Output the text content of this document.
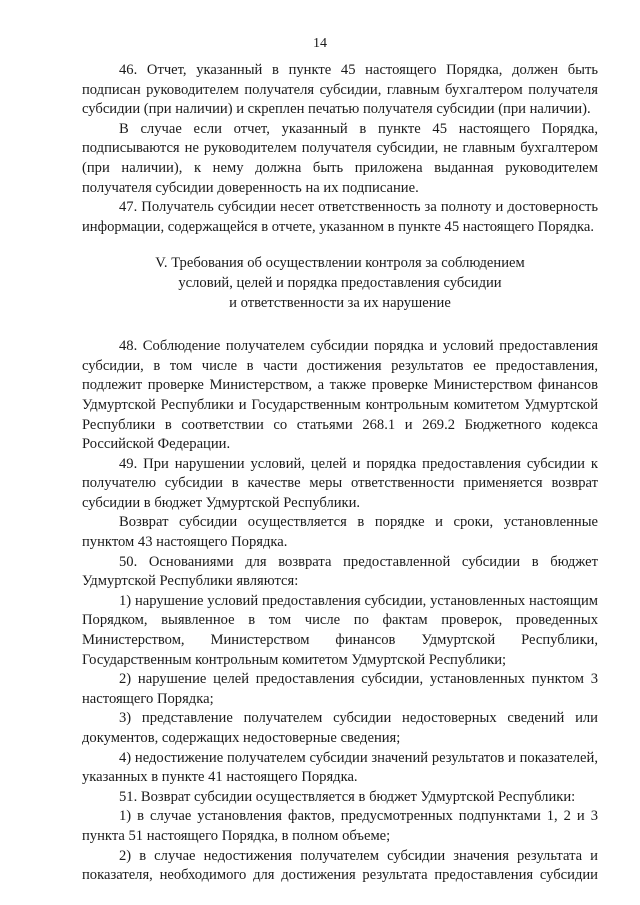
14

46. Отчет, указанный в пункте 45 настоящего Порядка, должен быть подписан руководителем получателя субсидии, главным бухгалтером получателя субсидии (при наличии) и скреплен печатью получателя субсидии (при наличии).

В случае если отчет, указанный в пункте 45 настоящего Порядка, подписываются не руководителем получателя субсидии, не главным бухгалтером (при наличии), к нему должна быть приложена выданная руководителем получателя субсидии доверенность на их подписание.

47. Получатель субсидии несет ответственность за полноту и достоверность информации, содержащейся в отчете, указанном в пункте 45 настоящего Порядка.

V. Требования об осуществлении контроля за соблюдением
условий, целей и порядка предоставления субсидии
и ответственности за их нарушение

48. Соблюдение получателем субсидии порядка и условий предоставления субсидии, в том числе в части достижения результатов ее предоставления, подлежит проверке Министерством, а также проверке Министерством финансов Удмуртской Республики и Государственным контрольным комитетом Удмуртской Республики в соответствии со статьями 268.1 и 269.2 Бюджетного кодекса Российской Федерации.

49. При нарушении условий, целей и порядка предоставления субсидии к получателю субсидии в качестве меры ответственности применяется возврат субсидии в бюджет Удмуртской Республики.

Возврат субсидии осуществляется в порядке и сроки, установленные пунктом 43 настоящего Порядка.

50. Основаниями для возврата предоставленной субсидии в бюджет Удмуртской Республики являются:

1) нарушение условий предоставления субсидии, установленных настоящим Порядком, выявленное в том числе по фактам проверок, проведенных Министерством, Министерством финансов Удмуртской Республики, Государственным контрольным комитетом Удмуртской Республики;

2) нарушение целей предоставления субсидии, установленных пунктом 3 настоящего Порядка;

3) представление получателем субсидии недостоверных сведений или документов, содержащих недостоверные сведения;

4) недостижение получателем субсидии значений результатов и показателей, указанных в пункте 41 настоящего Порядка.

51. Возврат субсидии осуществляется в бюджет Удмуртской Республики:

1) в случае установления фактов, предусмотренных подпунктами 1, 2 и 3 пункта 51 настоящего Порядка, в полном объеме;

2) в случае недостижения получателем субсидии значения результата и показателя, необходимого для достижения результата предоставления субсидии
